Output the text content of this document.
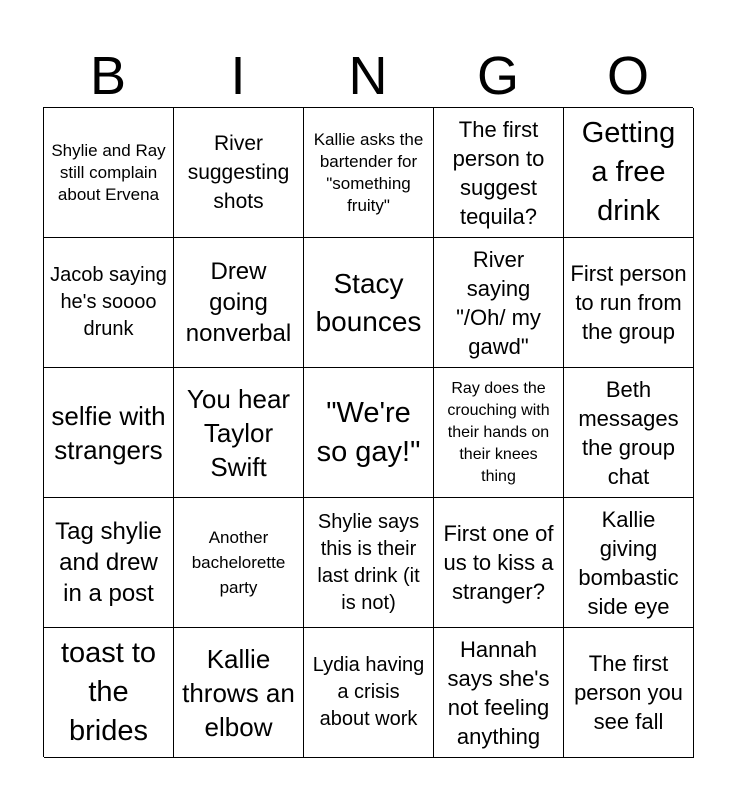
B	I	N	G	O
Shylie and Ray still complain about Ervena
River suggesting shots
Kallie asks the bartender for "something fruity"
The first person to suggest tequila?
Getting a free drink
Jacob saying he's soooo drunk
Drew going nonverbal
Stacy bounces
River saying "/Oh/ my gawd"
First person to run from the group
selfie with strangers
You hear Taylor Swift
"We're so gay!"
Ray does the crouching with their hands on their knees thing
Beth messages the group chat
Tag shylie and drew in a post
Another bachelorette party
Shylie says this is their last drink (it is not)
First one of us to kiss a stranger?
Kallie giving bombastic side eye
toast to the brides
Kallie throws an elbow
Lydia having a crisis about work
Hannah says she's not feeling anything
The first person you see fall
